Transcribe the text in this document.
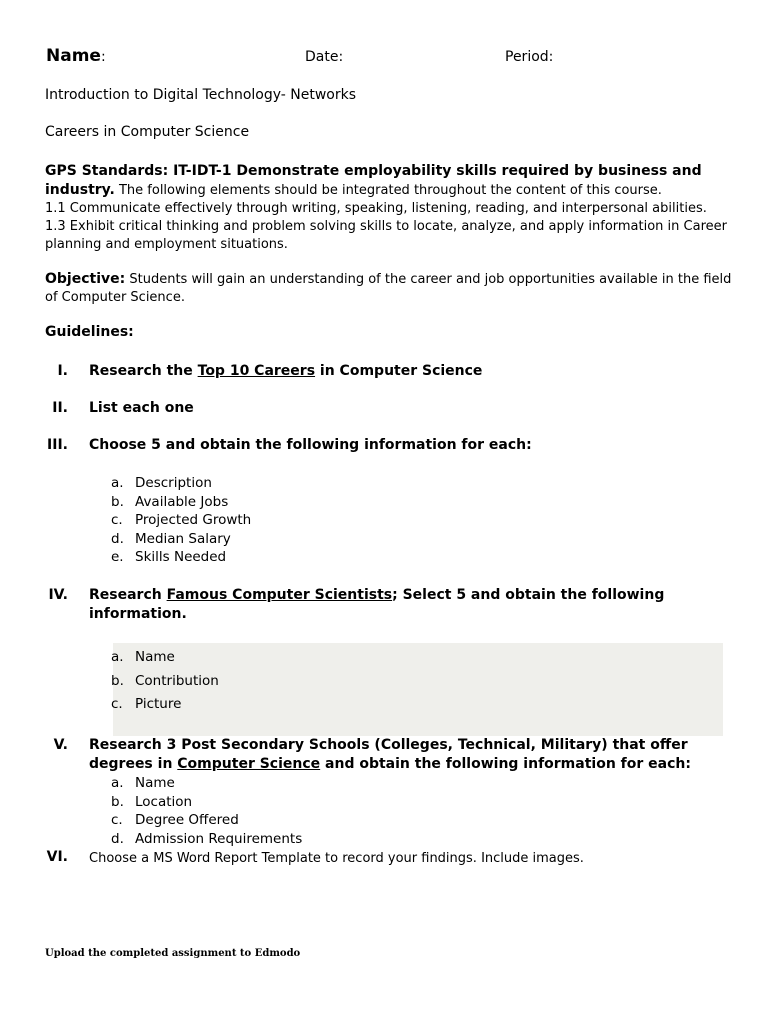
Name:	Date:	Period:
Introduction to Digital Technology- Networks
Careers in Computer Science
GPS Standards: IT-IDT-1 Demonstrate employability skills required by business and industry. The following elements should be integrated throughout the content of this course.
1.1 Communicate effectively through writing, speaking, listening, reading, and interpersonal abilities.
1.3 Exhibit critical thinking and problem solving skills to locate, analyze, and apply information in Career planning and employment situations.
Objective: Students will gain an understanding of the career and job opportunities available in the field of Computer Science.
Guidelines:
I. Research the Top 10 Careers in Computer Science
II. List each one
III. Choose 5 and obtain the following information for each:
a. Description
b. Available Jobs
c. Projected Growth
d. Median Salary
e. Skills Needed
IV. Research Famous Computer Scientists; Select 5 and obtain the following
information.
a. Name
b. Contribution
c. Picture
V. Research 3 Post Secondary Schools (Colleges, Technical, Military) that offer
degrees in Computer Science and obtain the following information for each:
a. Name
b. Location
c. Degree Offered
d. Admission Requirements
VI. Choose a MS Word Report Template to record your findings. Include images.
Upload the completed assignment to Edmodo
